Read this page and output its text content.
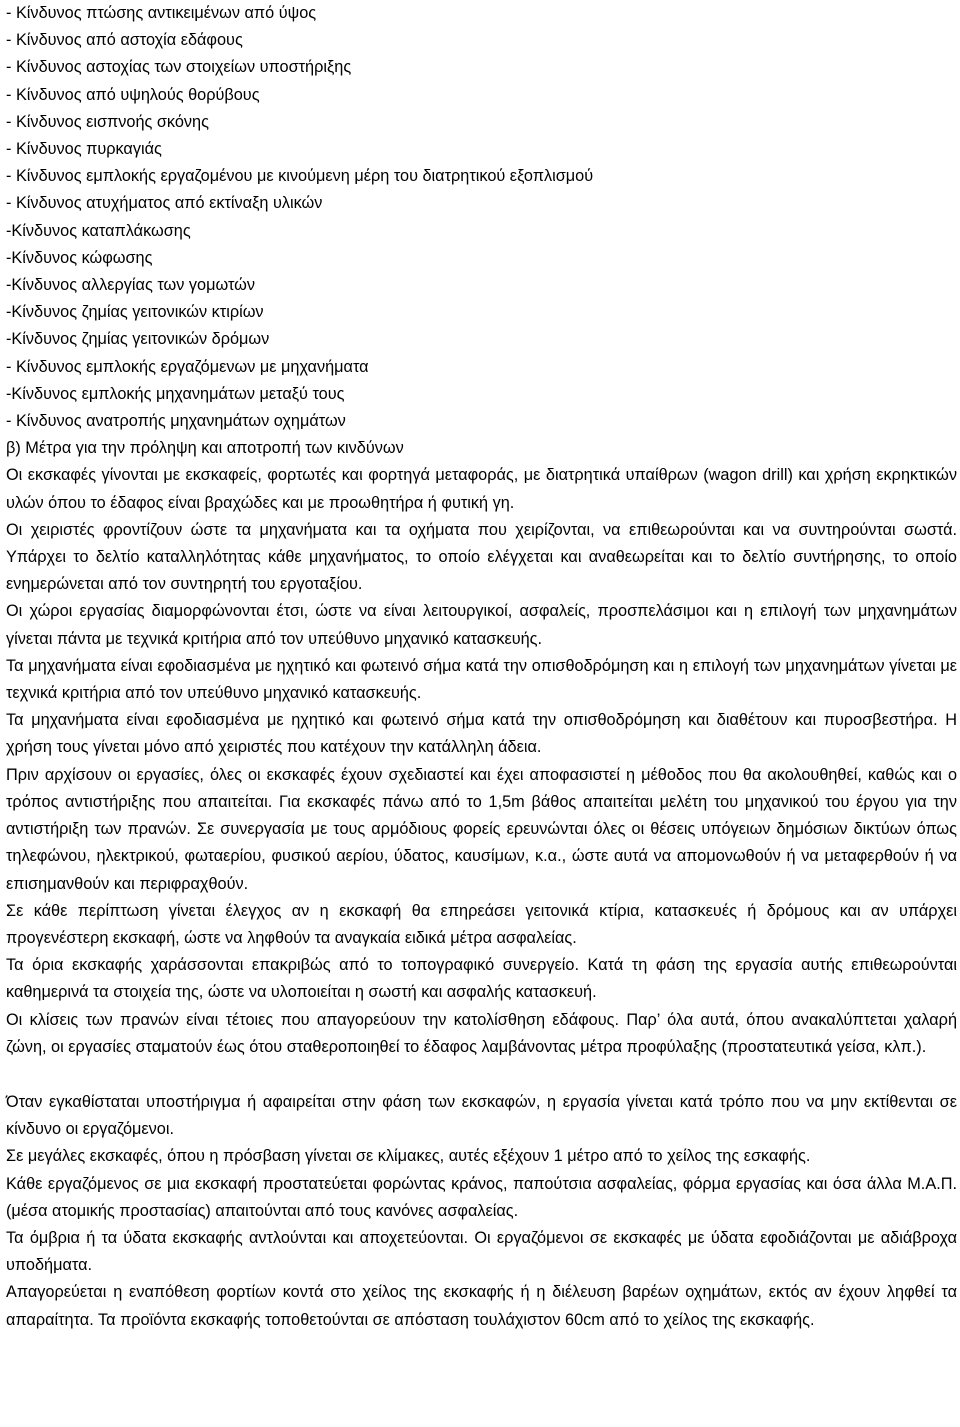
- Κίνδυνος πτώσης αντικειμένων από ύψος

- Κίνδυνος από αστοχία εδάφους

- Κίνδυνος αστοχίας των στοιχείων υποστήριξης

- Κίνδυνος από υψηλούς θορύβους

- Κίνδυνος εισπνοής σκόνης

- Κίνδυνος πυρκαγιάς

- Κίνδυνος εμπλοκής εργαζομένου με κινούμενη μέρη του διατρητικού εξοπλισμού

- Κίνδυνος ατυχήματος από εκτίναξη υλικών

-Κίνδυνος καταπλάκωσης

-Κίνδυνος κώφωσης

-Κίνδυνος αλλεργίας των γομωτών

-Κίνδυνος ζημίας γειτονικών κτιρίων

-Κίνδυνος ζημίας γειτονικών δρόμων

- Κίνδυνος εμπλοκής εργαζόμενων με μηχανήματα

-Κίνδυνος εμπλοκής μηχανημάτων μεταξύ τους

- Κίνδυνος ανατροπής μηχανημάτων οχημάτων

β) Μέτρα για την πρόληψη και αποτροπή των κινδύνων

Οι εκσκαφές γίνονται με εκσκαφείς, φορτωτές και φορτηγά μεταφοράς, με διατρητικά υπαίθρων (wagon drill) και χρήση εκρηκτικών υλών όπου το έδαφος είναι βραχώδες και με προωθητήρα ή φυτική γη.

Οι χειριστές φροντίζουν ώστε τα μηχανήματα και τα οχήματα που χειρίζονται, να επιθεωρούνται και να συντηρούνται σωστά. Υπάρχει το δελτίο καταλληλότητας κάθε μηχανήματος, το οποίο ελέγχεται και αναθεωρείται και το δελτίο συντήρησης, το οποίο ενημερώνεται από τον συντηρητή του εργοταξίου.

Οι χώροι εργασίας διαμορφώνονται έτσι, ώστε να είναι λειτουργικοί, ασφαλείς, προσπελάσιμοι και η επιλογή των μηχανημάτων γίνεται πάντα με τεχνικά κριτήρια από τον υπεύθυνο μηχανικό κατασκευής.

Τα μηχανήματα είναι εφοδιασμένα με ηχητικό και φωτεινό σήμα κατά την οπισθοδρόμηση και η επιλογή των μηχανημάτων γίνεται με τεχνικά κριτήρια από τον υπεύθυνο μηχανικό κατασκευής.

Τα μηχανήματα είναι εφοδιασμένα με ηχητικό και φωτεινό σήμα κατά την οπισθοδρόμηση και διαθέτουν και πυροσβεστήρα. Η χρήση τους γίνεται μόνο από χειριστές που κατέχουν την κατάλληλη άδεια.

Πριν αρχίσουν οι εργασίες, όλες οι εκσκαφές έχουν σχεδιαστεί και έχει αποφασιστεί η μέθοδος που θα ακολουθηθεί, καθώς και ο τρόπος αντιστήριξης που απαιτείται. Για εκσκαφές πάνω από το 1,5m βάθος απαιτείται μελέτη του μηχανικού του έργου για την αντιστήριξη των πρανών. Σε συνεργασία με τους αρμόδιους φορείς ερευνώνται όλες οι θέσεις υπόγειων δημόσιων δικτύων όπως τηλεφώνου, ηλεκτρικού, φωταερίου, φυσικού αερίου, ύδατος, καυσίμων, κ.α., ώστε αυτά να απομονωθούν ή να μεταφερθούν ή να επισημανθούν και περιφραχθούν.

Σε κάθε περίπτωση γίνεται έλεγχος αν η εκσκαφή θα επηρεάσει γειτονικά κτίρια, κατασκευές ή δρόμους και αν υπάρχει προγενέστερη εκσκαφή, ώστε να ληφθούν τα αναγκαία ειδικά μέτρα ασφαλείας.

Τα όρια εκσκαφής χαράσσονται επακριβώς από το τοπογραφικό συνεργείο. Κατά τη φάση της εργασία αυτής επιθεωρούνται καθημερινά τα στοιχεία της, ώστε να υλοποιείται η σωστή και ασφαλής κατασκευή.

Οι κλίσεις των πρανών είναι τέτοιες που απαγορεύουν την κατολίσθηση εδάφους. Παρ’ όλα αυτά, όπου ανακαλύπτεται χαλαρή ζώνη, οι εργασίες σταματούν έως ότου σταθεροποιηθεί το έδαφος λαμβάνοντας μέτρα προφύλαξης (προστατευτικά γείσα, κλπ.).

Όταν εγκαθίσταται υποστήριγμα ή αφαιρείται στην φάση των εκσκαφών, η εργασία γίνεται κατά τρόπο που να μην εκτίθενται σε κίνδυνο οι εργαζόμενοι.

Σε μεγάλες εκσκαφές, όπου η πρόσβαση γίνεται σε κλίμακες, αυτές εξέχουν 1 μέτρο από το χείλος της εσκαφής.

Κάθε εργαζόμενος σε μια εκσκαφή προστατεύεται φορώντας κράνος, παπούτσια ασφαλείας, φόρμα εργασίας και όσα άλλα Μ.Α.Π. (μέσα ατομικής προστασίας) απαιτούνται από τους κανόνες ασφαλείας.

Τα όμβρια ή τα ύδατα εκσκαφής αντλούνται και αποχετεύονται. Οι εργαζόμενοι σε εκσκαφές με ύδατα εφοδιάζονται με αδιάβροχα υποδήματα.

Απαγορεύεται η εναπόθεση φορτίων κοντά στο χείλος της εκσκαφής ή η διέλευση βαρέων οχημάτων, εκτός αν έχουν ληφθεί τα απαραίτητα. Τα προϊόντα εκσκαφής τοποθετούνται σε απόσταση τουλάχιστον 60cm από το χείλος της εκσκαφής.
